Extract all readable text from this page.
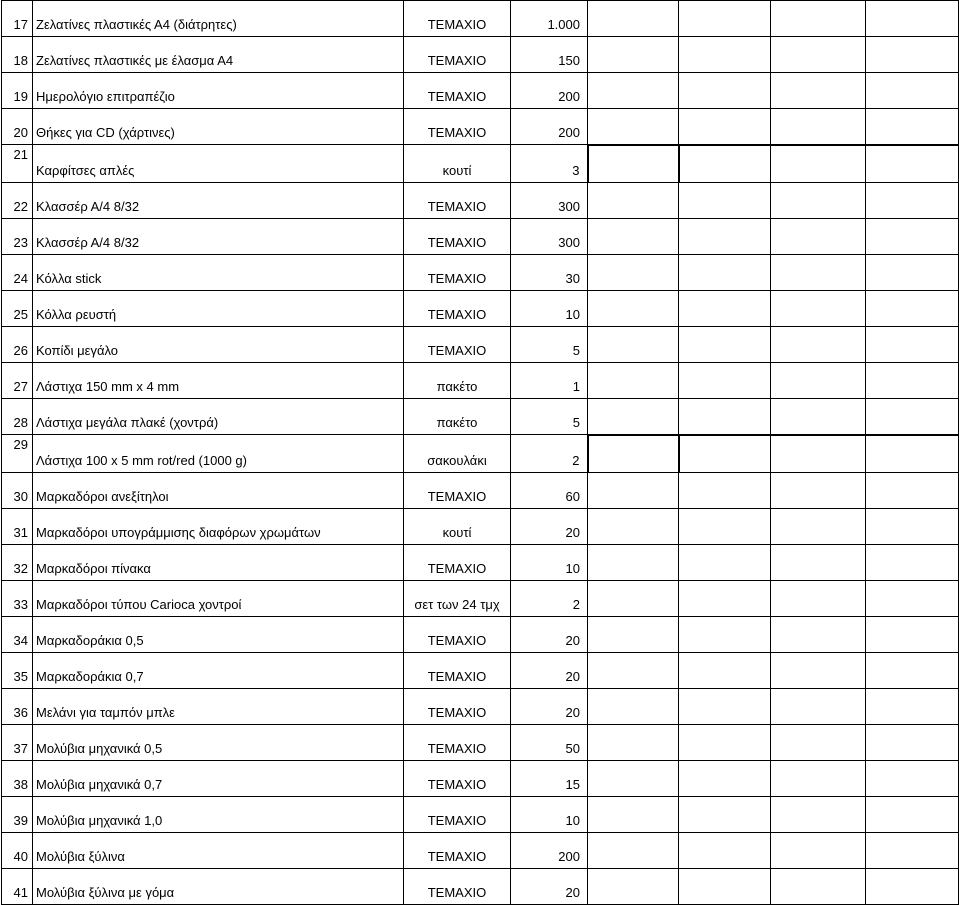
17	Ζελατίνες πλαστικές Α4 (διάτρητες)	ΤΕΜΑΧΙΟ	1.000				
18	Ζελατίνες πλαστικές με έλασμα Α4	ΤΕΜΑΧΙΟ	150				
19	Ημερολόγιο επιτραπέζιο	ΤΕΜΑΧΙΟ	200				
20	Θήκες για CD (χάρτινες)	ΤΕΜΑΧΙΟ	200				
21	Καρφίτσες απλές	κουτί	3				
22	Κλασσέρ Α/4 8/32	ΤΕΜΑΧΙΟ	300				
23	Κλασσέρ Α/4 8/32	ΤΕΜΑΧΙΟ	300				
24	Κόλλα stick	ΤΕΜΑΧΙΟ	30				
25	Κόλλα ρευστή	ΤΕΜΑΧΙΟ	10				
26	Κοπίδι μεγάλο	ΤΕΜΑΧΙΟ	5				
27	Λάστιχα 150 mm x 4 mm	πακέτο	1				
28	Λάστιχα μεγάλα πλακέ (χοντρά)	πακέτο	5				
29	Λάστιχα 100 x 5 mm rot/red (1000 g)	σακουλάκι	2				
30	Μαρκαδόροι ανεξίτηλοι	ΤΕΜΑΧΙΟ	60				
31	Μαρκαδόροι υπογράμμισης διαφόρων χρωμάτων	κουτί	20				
32	Μαρκαδόροι πίνακα	ΤΕΜΑΧΙΟ	10				
33	Μαρκαδόροι τύπου Carioca χοντροί	σετ των 24 τμχ	2				
34	Μαρκαδοράκια 0,5	ΤΕΜΑΧΙΟ	20				
35	Μαρκαδοράκια 0,7	ΤΕΜΑΧΙΟ	20				
36	Μελάνι για ταμπόν μπλε	ΤΕΜΑΧΙΟ	20				
37	Μολύβια μηχανικά 0,5	ΤΕΜΑΧΙΟ	50				
38	Μολύβια μηχανικά 0,7	ΤΕΜΑΧΙΟ	15				
39	Μολύβια μηχανικά 1,0	ΤΕΜΑΧΙΟ	10				
40	Μολύβια ξύλινα	ΤΕΜΑΧΙΟ	200				
41	Μολύβια ξύλινα με γόμα	ΤΕΜΑΧΙΟ	20				
